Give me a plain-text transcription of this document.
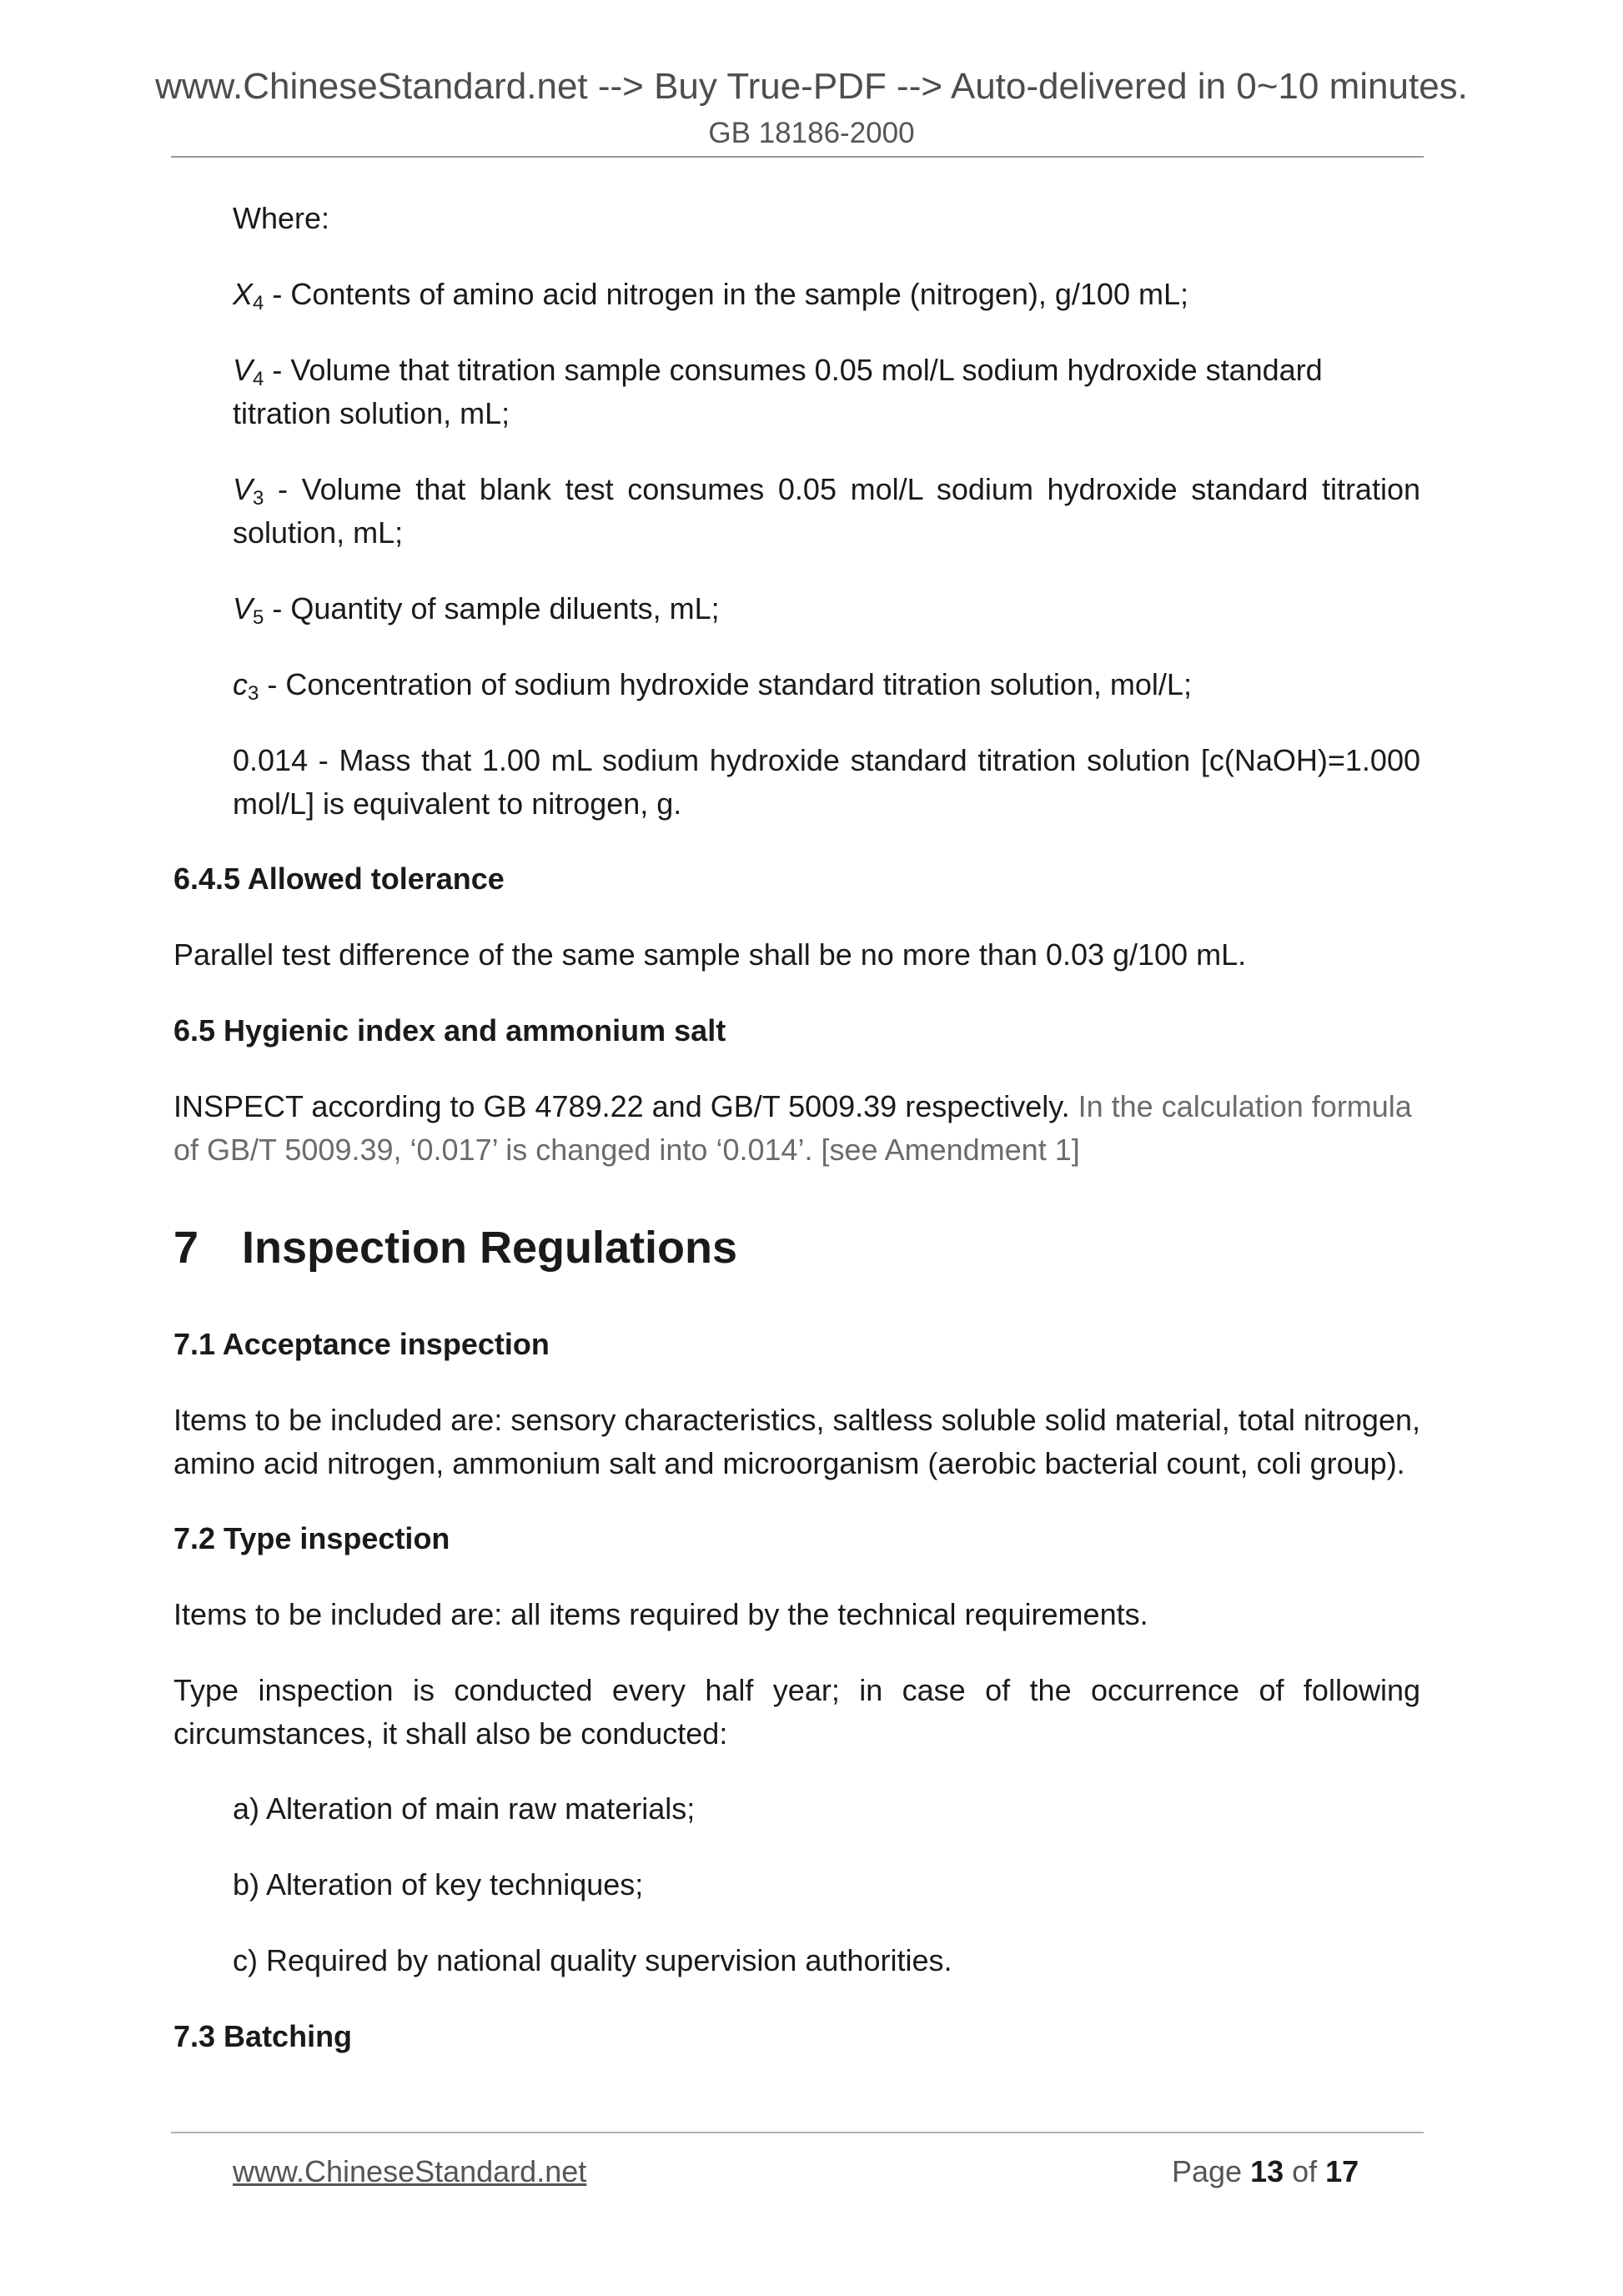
www.ChineseStandard.net --> Buy True-PDF --> Auto-delivered in 0~10 minutes.
GB 18186-2000

Where:

$X_4$ - Contents of amino acid nitrogen in the sample (nitrogen), g/100 mL;

$V_4$ - Volume that titration sample consumes 0.05 mol/L sodium hydroxide standard titration solution, mL;

$V_3$ - Volume that blank test consumes 0.05 mol/L sodium hydroxide standard titration solution, mL;

$V_5$ - Quantity of sample diluents, mL;

$c_3$ - Concentration of sodium hydroxide standard titration solution, mol/L;

0.014 - Mass that 1.00 mL sodium hydroxide standard titration solution [c(NaOH)=1.000 mol/L] is equivalent to nitrogen, g.

6.4.5 Allowed tolerance

Parallel test difference of the same sample shall be no more than 0.03 g/100 mL.

6.5 Hygienic index and ammonium salt

INSPECT according to GB 4789.22 and GB/T 5009.39 respectively. In the calculation formula of GB/T 5009.39, ‘0.017’ is changed into ‘0.014’. [see Amendment 1]

7 Inspection Regulations
7.1 Acceptance inspection

Items to be included are: sensory characteristics, saltless soluble solid material, total nitrogen, amino acid nitrogen, ammonium salt and microorganism (aerobic bacterial count, coli group).

7.2 Type inspection

Items to be included are: all items required by the technical requirements.

Type inspection is conducted every half year; in case of the occurrence of following circumstances, it shall also be conducted:

a) Alteration of main raw materials;

b) Alteration of key techniques;

c) Required by national quality supervision authorities.

7.3 Batching
www.ChineseStandard.net	Page 13 of 17
